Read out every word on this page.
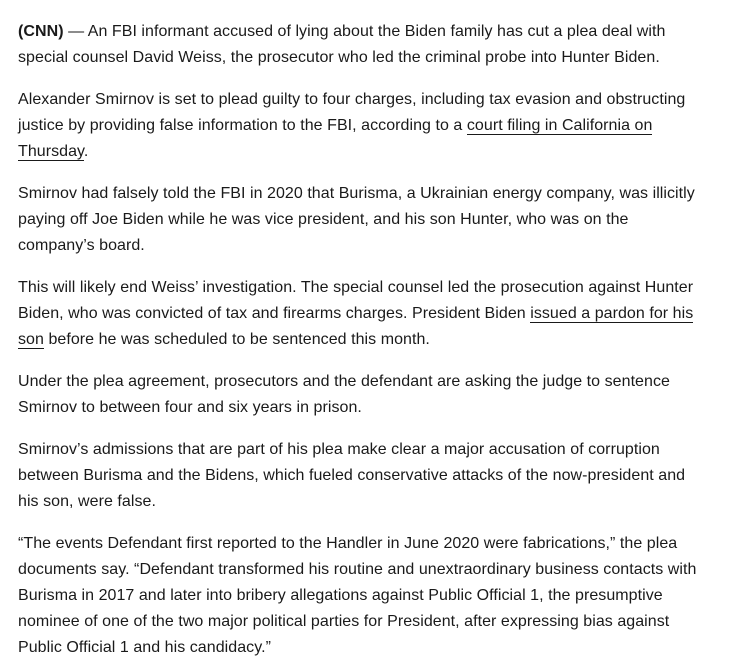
(CNN) — An FBI informant accused of lying about the Biden family has cut a plea deal with special counsel David Weiss, the prosecutor who led the criminal probe into Hunter Biden.

Alexander Smirnov is set to plead guilty to four charges, including tax evasion and obstructing justice by providing false information to the FBI, according to a court filing in California on Thursday.

Smirnov had falsely told the FBI in 2020 that Burisma, a Ukrainian energy company, was illicitly paying off Joe Biden while he was vice president, and his son Hunter, who was on the company’s board.

This will likely end Weiss’ investigation. The special counsel led the prosecution against Hunter Biden, who was convicted of tax and firearms charges. President Biden issued a pardon for his son before he was scheduled to be sentenced this month.

Under the plea agreement, prosecutors and the defendant are asking the judge to sentence Smirnov to between four and six years in prison.

Smirnov’s admissions that are part of his plea make clear a major accusation of corruption between Burisma and the Bidens, which fueled conservative attacks of the now-president and his son, were false.

“The events Defendant first reported to the Handler in June 2020 were fabrications,” the plea documents say. “Defendant transformed his routine and unextraordinary business contacts with Burisma in 2017 and later into bribery allegations against Public Official 1, the presumptive nominee of one of the two major political parties for President, after expressing bias against Public Official 1 and his candidacy.”
